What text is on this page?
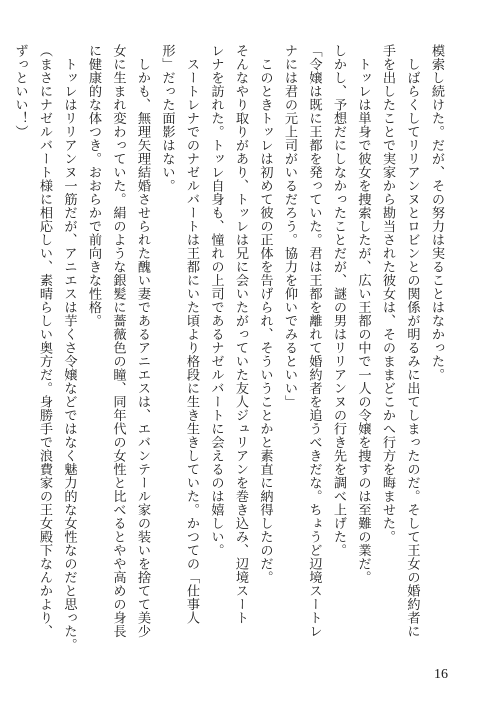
模索し続けた。だが、その努力は実ることはなかった。
　しばらくしてリリアンヌとロビンとの関係が明るみに出てしまったのだ。そして王女の婚約者に
手を出したことで実家から勘当された彼女は、そのままどこかへ行方を晦ませた。
　トッレは単身で彼女を捜索したが、広い王都の中で一人の令嬢を捜すのは至難の業だ。
しかし、予想だにしなかったことだが、謎の男はリリアンヌの行き先を調べ上げた。
「令嬢は既に王都を発っていた。君は王都を離れて婚約者を追うべきだな。ちょうど辺境スートレ
ナには君の元上司がいるだろう。協力を仰いでみるといい」
　このときトッレは初めて彼の正体を告げられ、そういうことかと素直に納得したのだ。
そんなやり取りがあり、トッレは兄に会いたがっていた友人ジュリアンを巻き込み、辺境スート
レナを訪れた。トッレ自身も、憧れの上司であるナゼルバートに会えるのは嬉しい。
　スートレナでのナゼルバートは王都にいた頃より格段に生き生きしていた。かつての「仕事人
形」だった面影はない。
　しかも、無理矢理結婚させられた醜い妻であるアニエスは、エバンテール家の装いを捨てて美少
女に生まれ変わっていた。絹のような銀髪に薔薇色の瞳、同年代の女性と比べるとやや高めの身長
に健康的な体つき。おおらかで前向きな性格。
　トッレはリリアンヌ一筋だが、アニエスは芋くさ令嬢などではなく魅力的な女性なのだと思った。
（まさにナゼルバート様に相応しい、素晴らしい奥方だ。身勝手で浪費家の王女殿下なんかより、
ずっといい！）
16
